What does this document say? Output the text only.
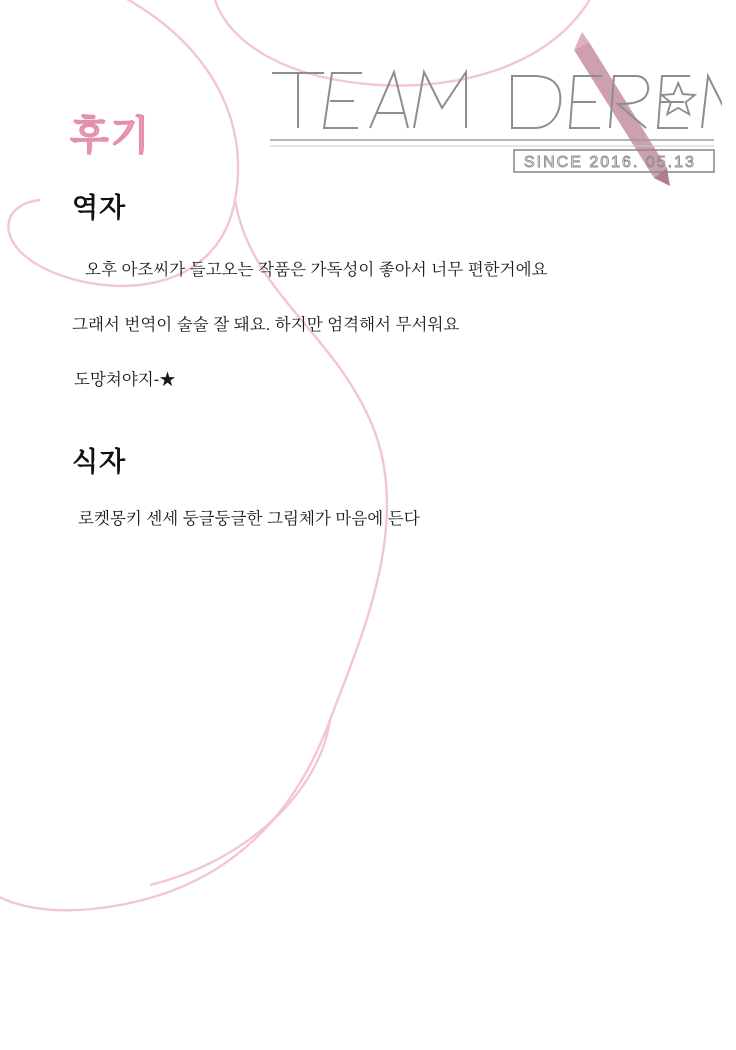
SINCE 2016. 05.13
후기
역자
오후 아조씨가 들고오는 작품은 가독성이 좋아서 너무 편한거에요
그래서 번역이 술술 잘 돼요. 하지만 엄격해서 무서워요
도망쳐야지-★
식자
로켓몽키 센세 둥글둥글한 그림체가 마음에 든다
